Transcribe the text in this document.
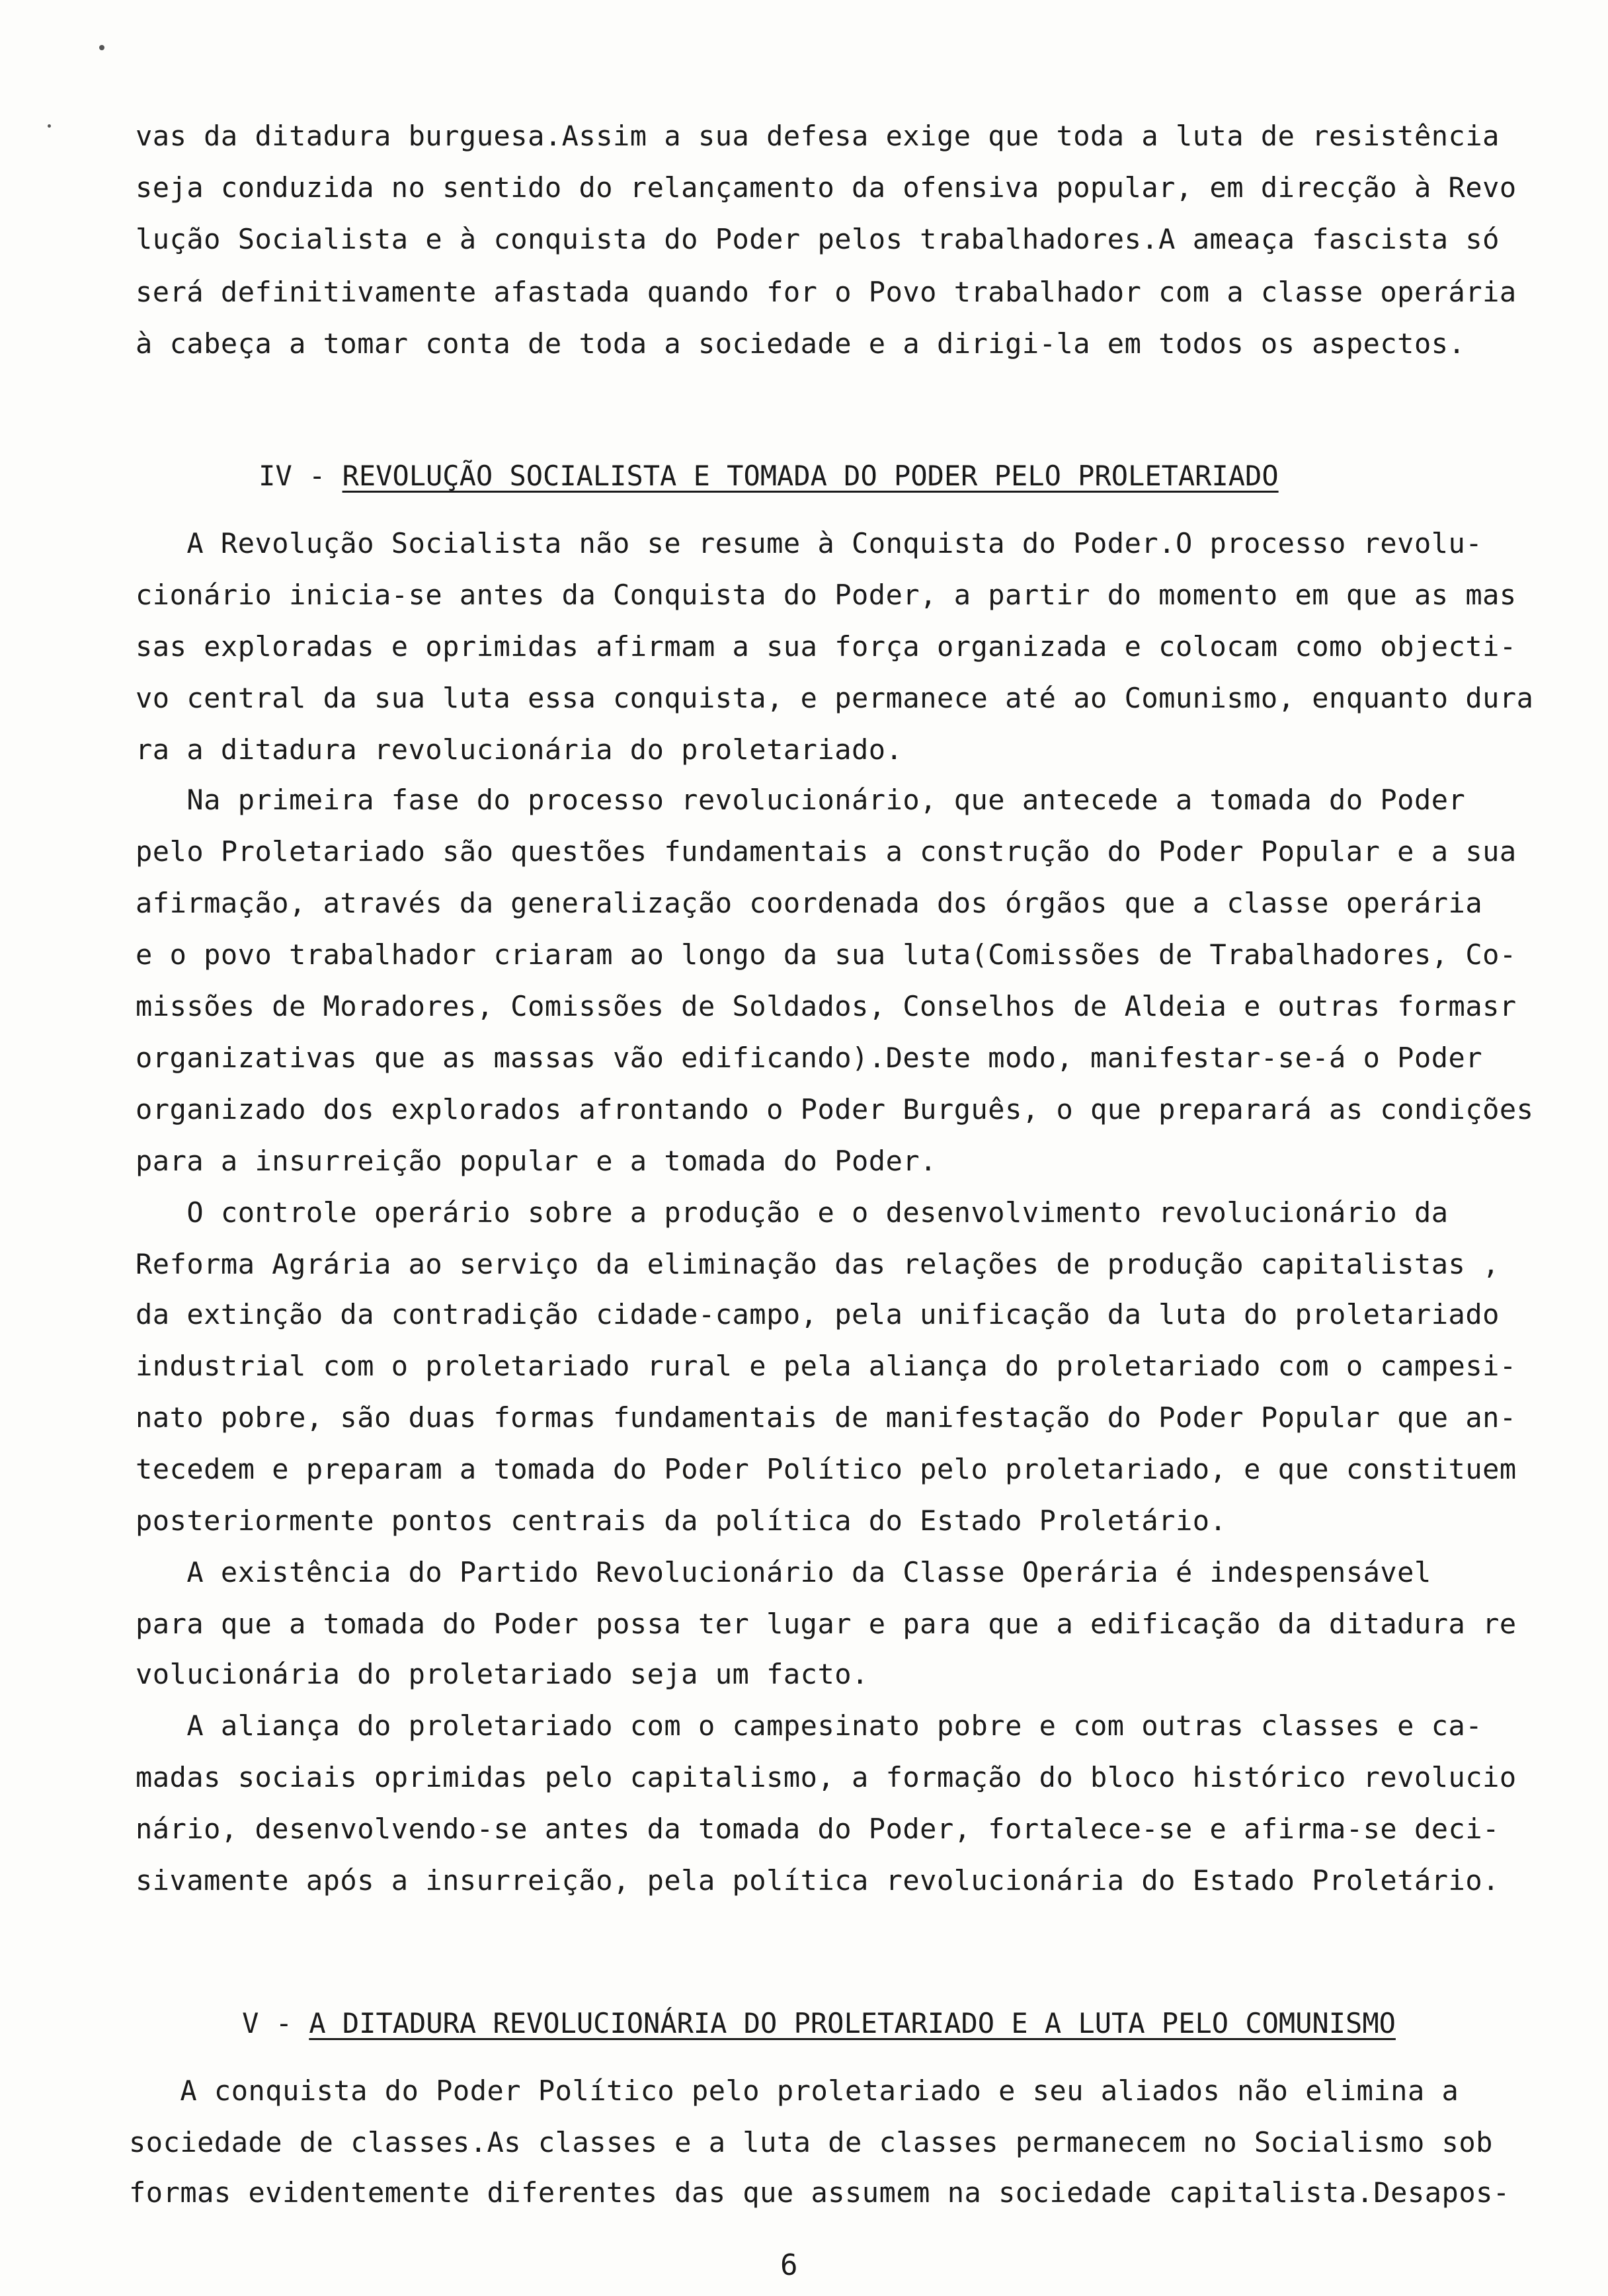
vas da ditadura burguesa.Assim a sua defesa exige que toda a luta de resistência
seja conduzida no sentido do relançamento da ofensiva popular, em direcção à Revo
lução Socialista e à conquista do Poder pelos trabalhadores.A ameaça fascista só
será definitivamente afastada quando for o Povo trabalhador com a classe operária
à cabeça a tomar conta de toda a sociedade e a dirigi-la em todos os aspectos.

IV - REVOLUÇÃO SOCIALISTA E TOMADA DO PODER PELO PROLETARIADO

A Revolução Socialista não se resume à Conquista do Poder.O processo revolu-
cionário inicia-se antes da Conquista do Poder, a partir do momento em que as mas
sas exploradas e oprimidas afirmam a sua força organizada e colocam como objecti-
vo central da sua luta essa conquista, e permanece até ao Comunismo, enquanto dura
ra a ditadura revolucionária do proletariado.
Na primeira fase do processo revolucionário, que antecede a tomada do Poder
pelo Proletariado são questões fundamentais a construção do Poder Popular e a sua
afirmação, através da generalização coordenada dos órgãos que a classe operária
e o povo trabalhador criaram ao longo da sua luta(Comissões de Trabalhadores, Co-
missões de Moradores, Comissões de Soldados, Conselhos de Aldeia e outras formasr
organizativas que as massas vão edificando).Deste modo, manifestar-se-á o Poder
organizado dos explorados afrontando o Poder Burguês, o que preparará as condições
para a insurreição popular e a tomada do Poder.
O controle operário sobre a produção e o desenvolvimento revolucionário da
Reforma Agrária ao serviço da eliminação das relações de produção capitalistas ,
da extinção da contradição cidade-campo, pela unificação da luta do proletariado
industrial com o proletariado rural e pela aliança do proletariado com o campesi-
nato pobre, são duas formas fundamentais de manifestação do Poder Popular que an-
tecedem e preparam a tomada do Poder Político pelo proletariado, e que constituem
posteriormente pontos centrais da política do Estado Proletário.
A existência do Partido Revolucionário da Classe Operária é indespensável
para que a tomada do Poder possa ter lugar e para que a edificação da ditadura re
volucionária do proletariado seja um facto.
A aliança do proletariado com o campesinato pobre e com outras classes e ca-
madas sociais oprimidas pelo capitalismo, a formação do bloco histórico revolucio
nário, desenvolvendo-se antes da tomada do Poder, fortalece-se e afirma-se deci-
sivamente após a insurreição, pela política revolucionária do Estado Proletário.

V - A DITADURA REVOLUCIONÁRIA DO PROLETARIADO E A LUTA PELO COMUNISMO

A conquista do Poder Político pelo proletariado e seu aliados não elimina a
sociedade de classes.As classes e a luta de classes permanecem no Socialismo sob
formas evidentemente diferentes das que assumem na sociedade capitalista.Desapos-
6
